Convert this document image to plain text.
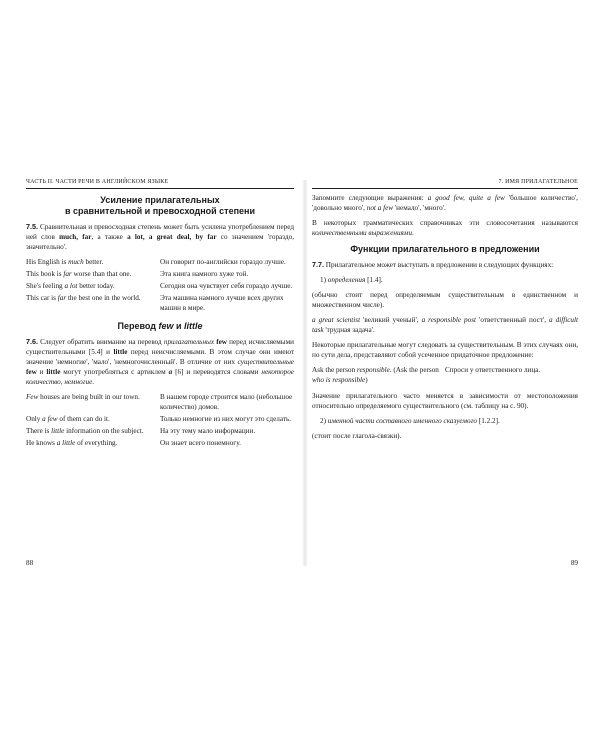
ЧАСТЬ II. ЧАСТИ РЕЧИ В АНГЛИЙСКОМ ЯЗЫКЕ
Усиление прилагательных
в сравнительной и превосходной степени

7.5. Сравнительная и превосходная степень может быть усилена употреблением перед ней слов much, far, а также a lot, a great deal, by far со значением 'гораздо, значительно'.

His English is much better.	Он говорит по-английски гораздо лучше.
This book is far worse than that one.	Эта книга намного хуже той.
She's feeling a lot better today.	Сегодня она чувствует себя гораздо лучше.
This car is far the best one in the world.	Эта машина намного лучше всех других машин в мире.
Перевод few и little

7.6. Следует обратить внимание на перевод прилагательных few перед исчисляемыми существительными [5.4] и little перед неисчисляемыми. В этом случае они имеют значение 'немногие', 'мало', 'немногочисленный'. В отличие от них существительные few и little могут употребляться с артиклем a [6] и переводятся словами некоторое количество, немногие.

Few houses are being built in our town.	В нашем городе строится мало (небольшое количество) домов.
Only a few of them can do it.	Только немногие из них могут это сделать.
There is little information on the subject.	На эту тему мало информации.
He knows a little of everything.	Он знает всего понемногу.
88
7. ИМЯ ПРИЛАГАТЕЛЬНОЕ

Запомните следующие выражения: a good few, quite a few 'большое количество', 'довольно много', not a few 'немало', 'много'.

В некоторых грамматических справочниках эти словосочетания называются количественными выражениями.

Функции прилагательного в предложении

7.7. Прилагательное может выступать в предложении в следующих функциях:

1) определения [1.4].

(обычно стоит перед определяемым существительным в единственном и множественном числе).

a great scientist 'великий ученый', a responsible post 'ответственный пост', a difficult task 'трудная задача'.

Некоторые прилагательные могут следовать за существительным. В этих случаях они, по сути дела, представляют собой усеченное придаточное предложение:

Ask the person responsible. (Ask the person who is responsible)	Спроси у ответственного лица.

Значение прилагательного часто меняется в зависимости от местоположения относительно определяемого существительного (см. таблицу на с. 90).

2) именной части составного именного сказуемого [1.2.2].

(стоит после глагола-связки).

89
